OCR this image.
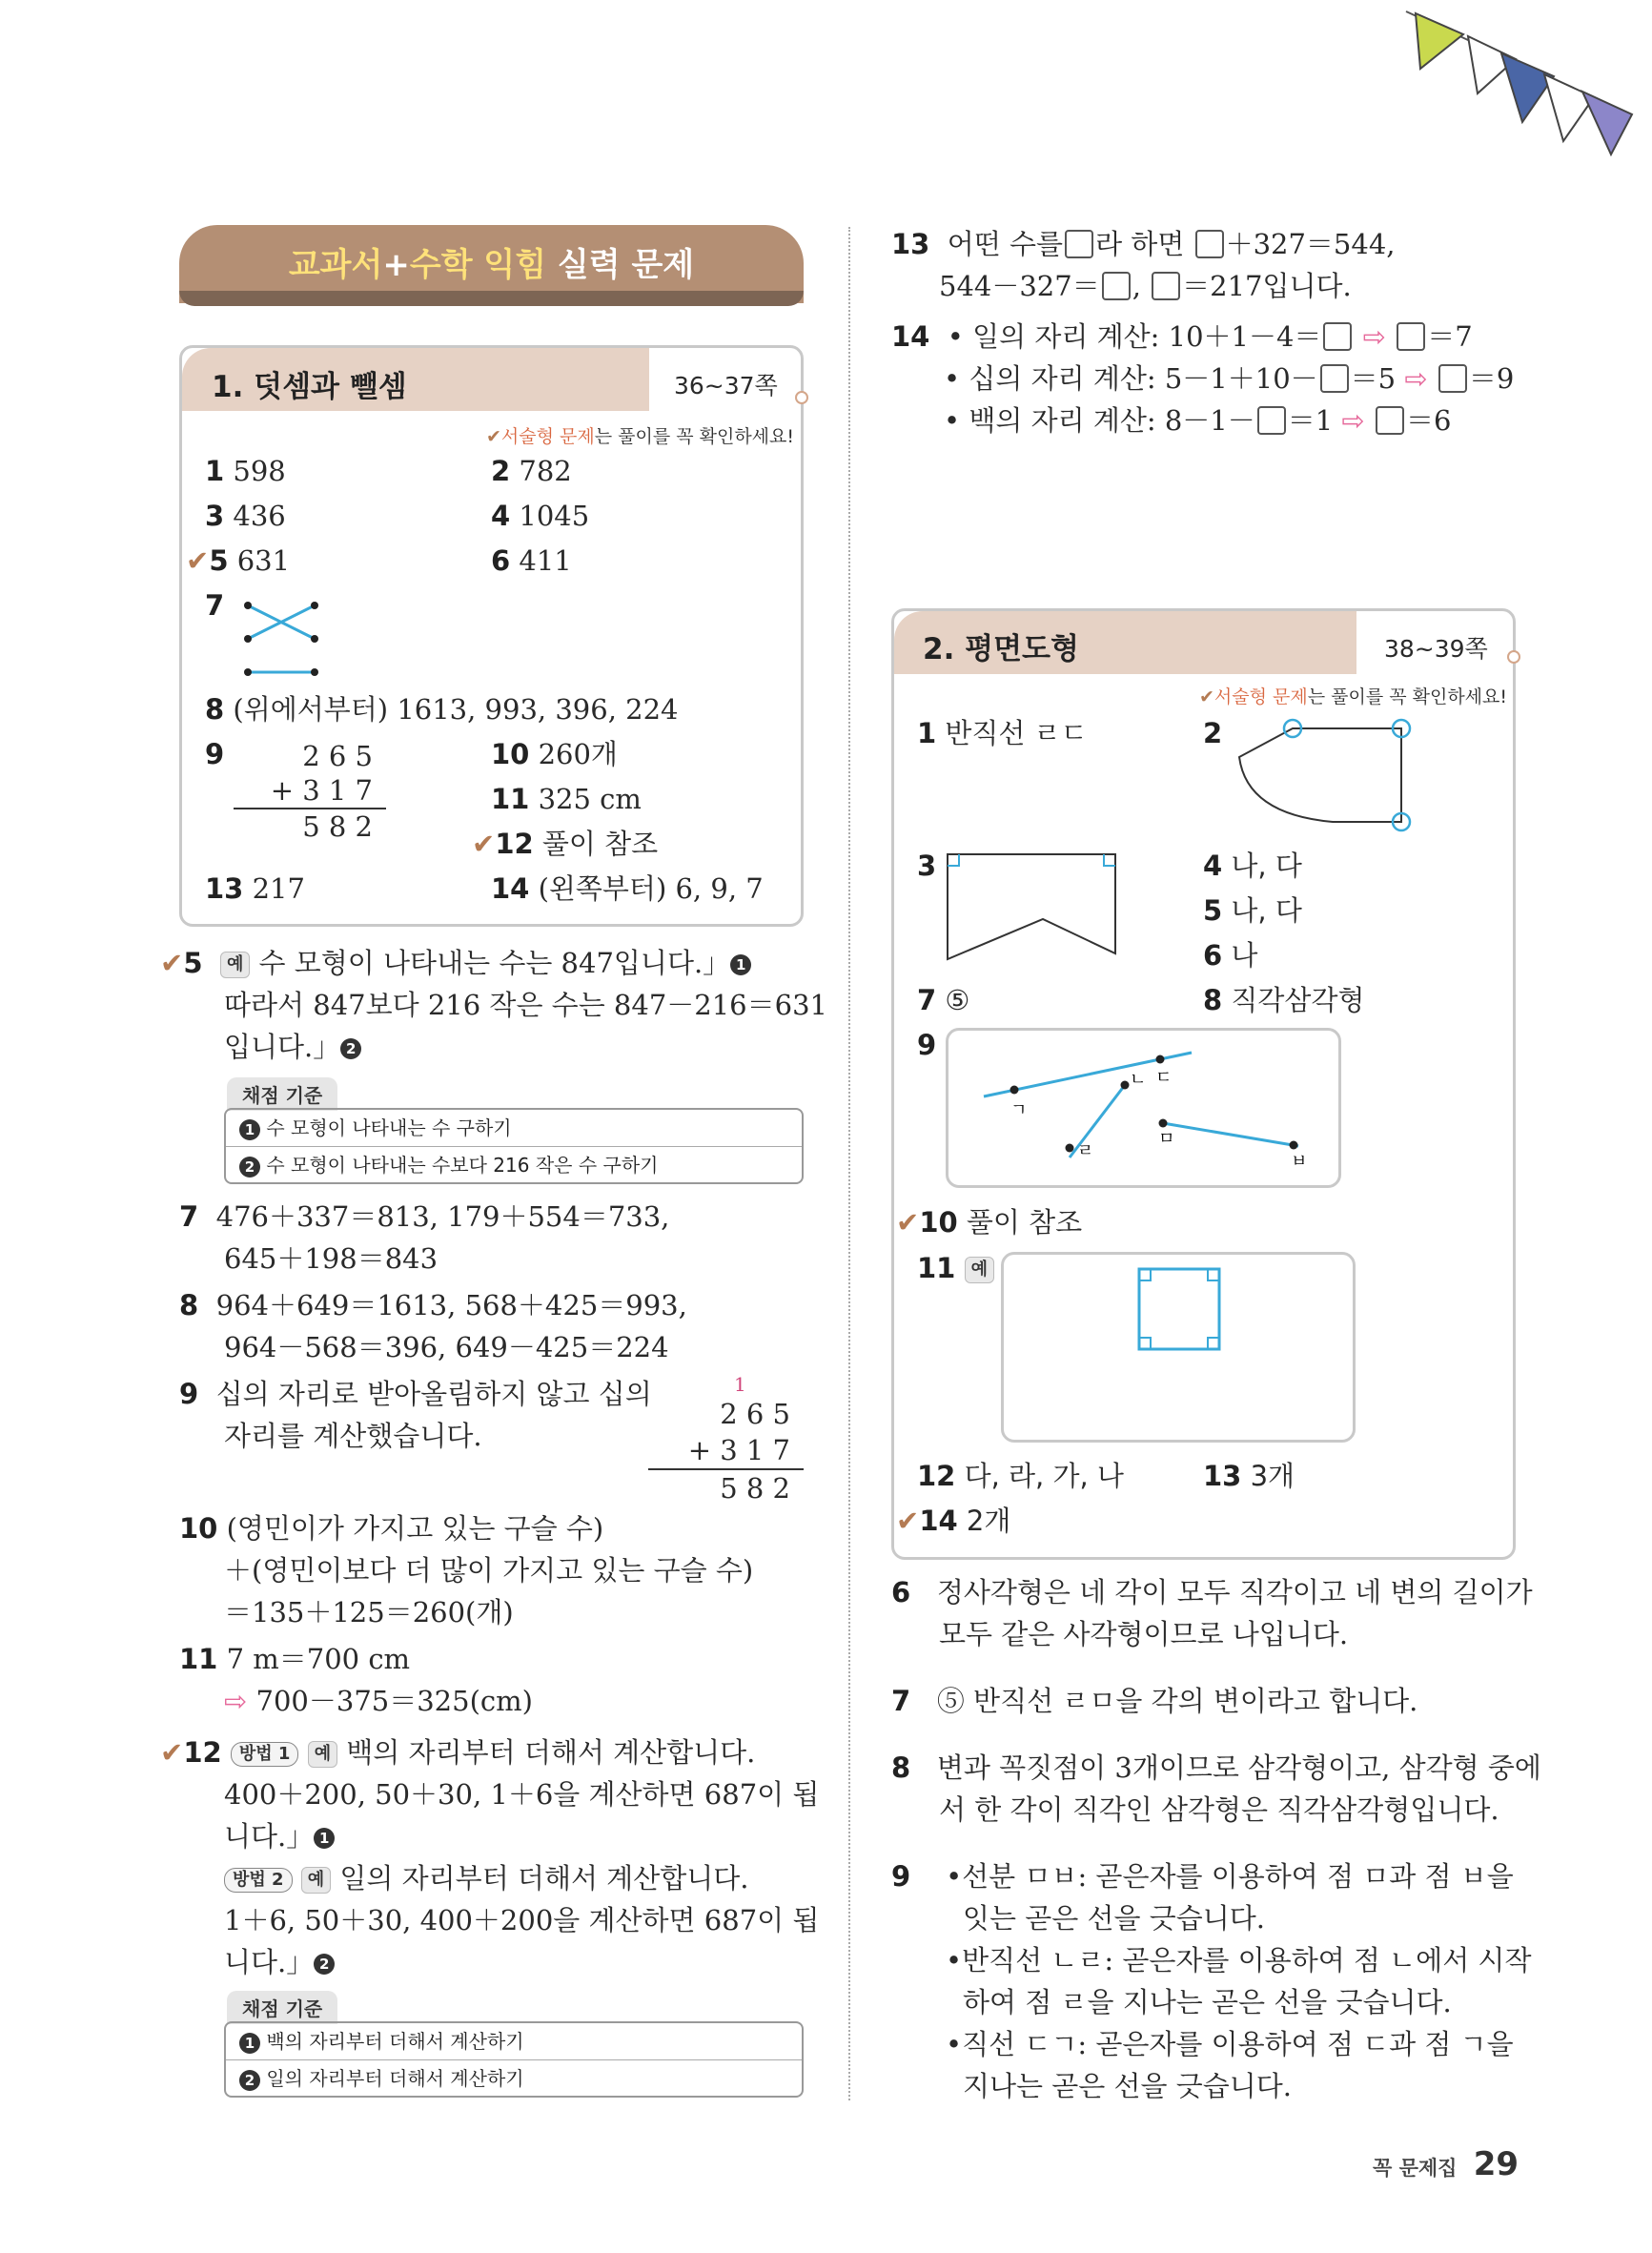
교과서+수학 익힘 실력 문제
1. 덧셈과 뺄셈	36~37쪽
✔서술형 문제는 풀이를 꼭 확인하세요!
1 598	2 782
3 436	4 1045
✔5 631	6 411
7
8 (위에서부터) 1613, 993, 396, 224
9	2 6 5
+ 3 1 7
5 8 2
10 260개
11 325 cm
✔12 풀이 참조
13 217	14 (왼쪽부터) 6, 9, 7
✔5 예 수 모형이 나타내는 수는 847입니다.」 1
따라서 847보다 216 작은 수는 847－216＝631
입니다.」 2
채점 기준
1 수 모형이 나타내는 수 구하기
2 수 모형이 나타내는 수보다 216 작은 수 구하기
7 476＋337＝813, 179＋554＝733,
645＋198＝843
8 964＋649＝1613, 568＋425＝993,
964－568＝396, 649－425＝224
9 십의 자리로 받아올림하지 않고 십의
자리를 계산했습니다.
1
2 6 5
+ 3 1 7
5 8 2
10 (영민이가 가지고 있는 구슬 수)
＋(영민이보다 더 많이 가지고 있는 구슬 수)
＝135＋125＝260(개)
11 7 m＝700 cm
⇨ 700－375＝325(cm)
✔12 방법 1 예 백의 자리부터 더해서 계산합니다.
400＋200, 50＋30, 1＋6을 계산하면 687이 됩
니다.」 1
방법 2 예 일의 자리부터 더해서 계산합니다.
1＋6, 50＋30, 400＋200을 계산하면 687이 됩
니다.」 2
채점 기준
1 백의 자리부터 더해서 계산하기
2 일의 자리부터 더해서 계산하기
13 어떤 수를 라 하면 ＋327＝544,
544－327＝ , ＝217입니다.
14 • 일의 자리 계산: 10＋1－4＝ ⇨ ＝7
• 십의 자리 계산: 5－1＋10－ ＝5 ⇨ ＝9
• 백의 자리 계산: 8－1－ ＝1 ⇨ ＝6
2. 평면도형	38~39쪽
✔서술형 문제는 풀이를 꼭 확인하세요!
1 반직선 ㄹㄷ	2
3	4 나, 다
5 나, 다
6 나
7 ⑤	8 직각삼각형
9
ㄷ
ㄱ
ㄴ
ㄹ
ㅁ
ㅂ
✔10 풀이 참조
11 예
12 다, 라, 가, 나	13 3개
✔14 2개
6 정사각형은 네 각이 모두 직각이고 네 변의 길이가
모두 같은 사각형이므로 나입니다.
7 ⑤ 반직선 ㄹㅁ을 각의 변이라고 합니다.
8 변과 꼭짓점이 3개이므로 삼각형이고, 삼각형 중에
서 한 각이 직각인 삼각형은 직각삼각형입니다.
9 •선분 ㅁㅂ: 곧은자를 이용하여 점 ㅁ과 점 ㅂ을
잇는 곧은 선을 긋습니다.
•반직선 ㄴㄹ: 곧은자를 이용하여 점 ㄴ에서 시작
하여 점 ㄹ을 지나는 곧은 선을 긋습니다.
•직선 ㄷㄱ: 곧은자를 이용하여 점 ㄷ과 점 ㄱ을
지나는 곧은 선을 긋습니다.
꼭 문제집 29
